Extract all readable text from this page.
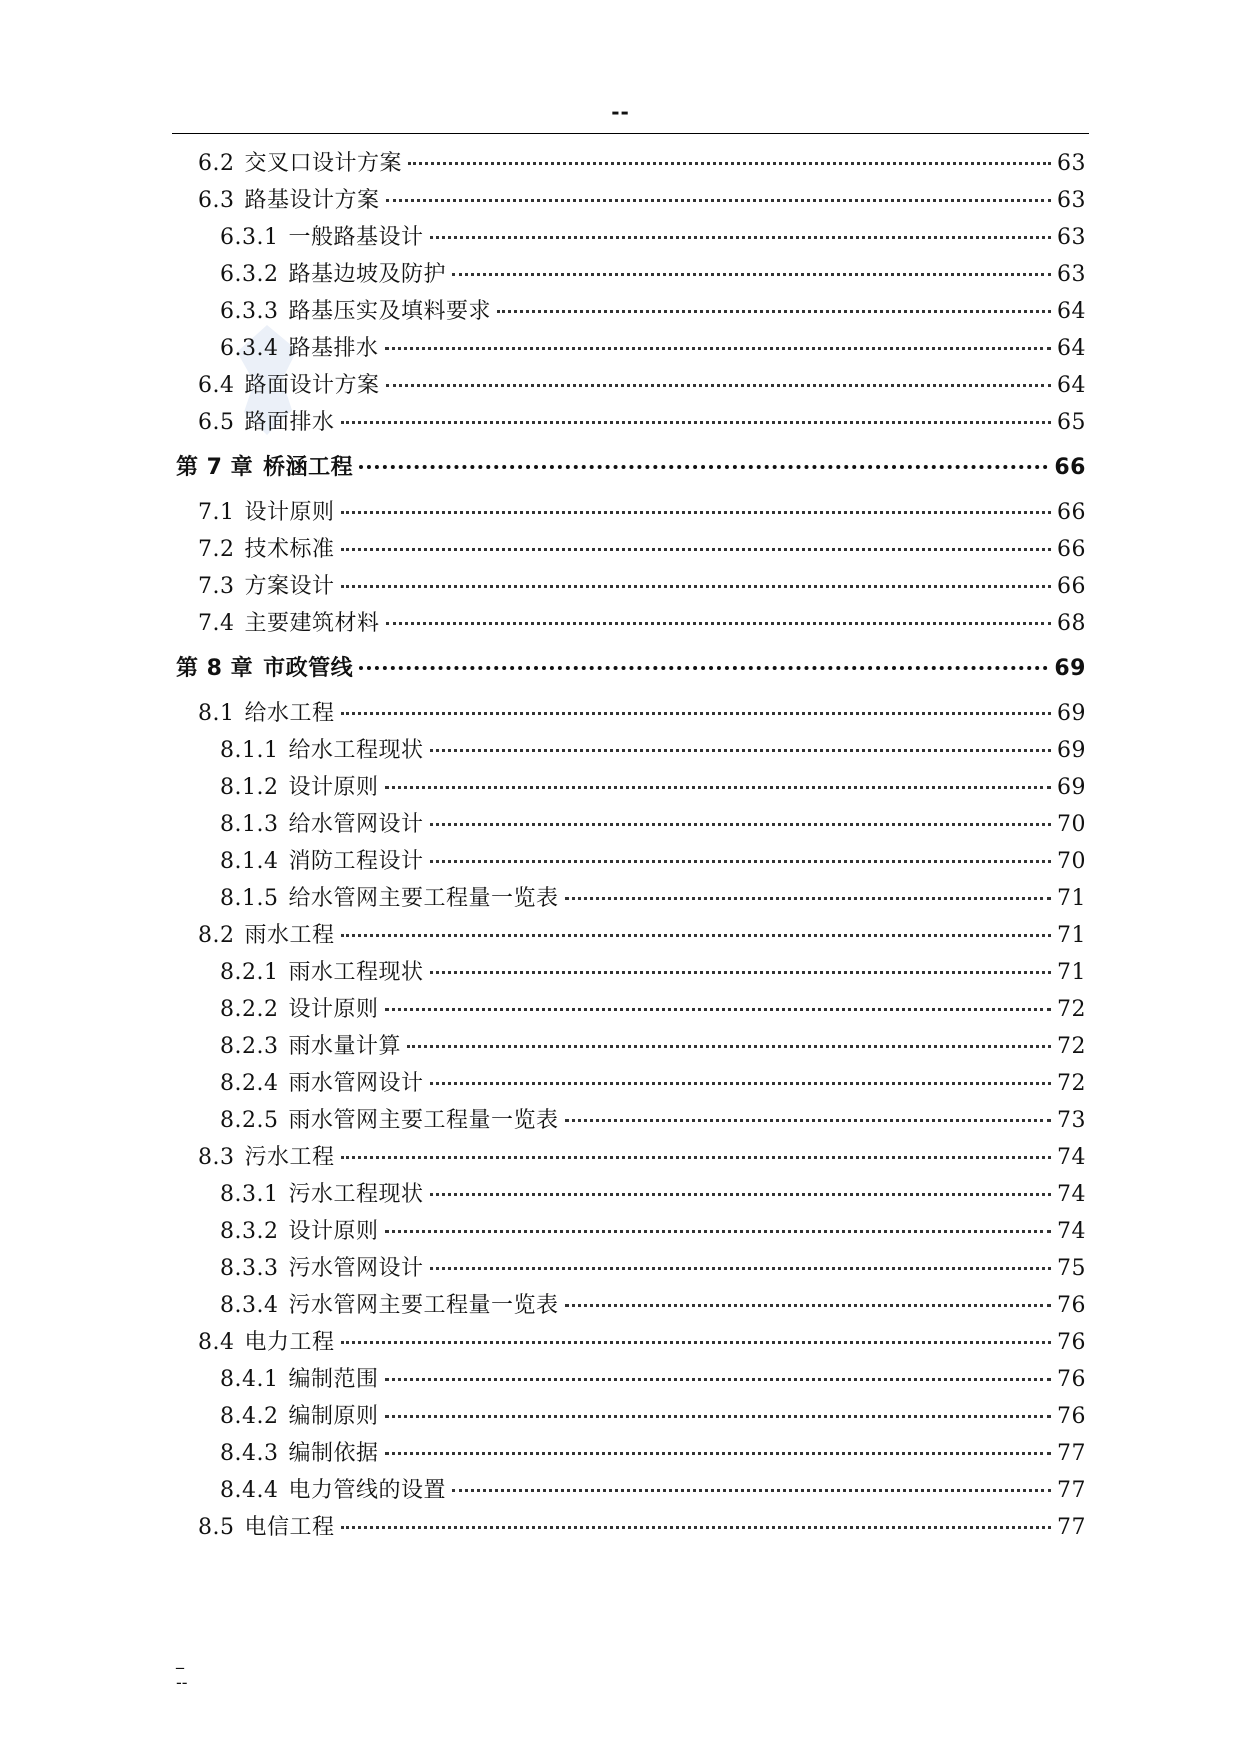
--
6.2 交叉口设计方案	63
6.3 路基设计方案	63
6.3.1 一般路基设计	63
6.3.2 路基边坡及防护	63
6.3.3 路基压实及填料要求	64
6.3.4 路基排水	64
6.4 路面设计方案	64
6.5 路面排水	65
第 7 章 桥涵工程	66
7.1 设计原则	66
7.2 技术标准	66
7.3 方案设计	66
7.4 主要建筑材料	68
第 8 章 市政管线	69
8.1 给水工程	69
8.1.1 给水工程现状	69
8.1.2 设计原则	69
8.1.3 给水管网设计	70
8.1.4 消防工程设计	70
8.1.5 给水管网主要工程量一览表	71
8.2 雨水工程	71
8.2.1 雨水工程现状	71
8.2.2 设计原则	72
8.2.3 雨水量计算	72
8.2.4 雨水管网设计	72
8.2.5 雨水管网主要工程量一览表	73
8.3 污水工程	74
8.3.1 污水工程现状	74
8.3.2 设计原则	74
8.3.3 污水管网设计	75
8.3.4 污水管网主要工程量一览表	76
8.4 电力工程	76
8.4.1 编制范围	76
8.4.2 编制原则	76
8.4.3 编制依据	77
8.4.4 电力管线的设置	77
8.5 电信工程	77
_
--
